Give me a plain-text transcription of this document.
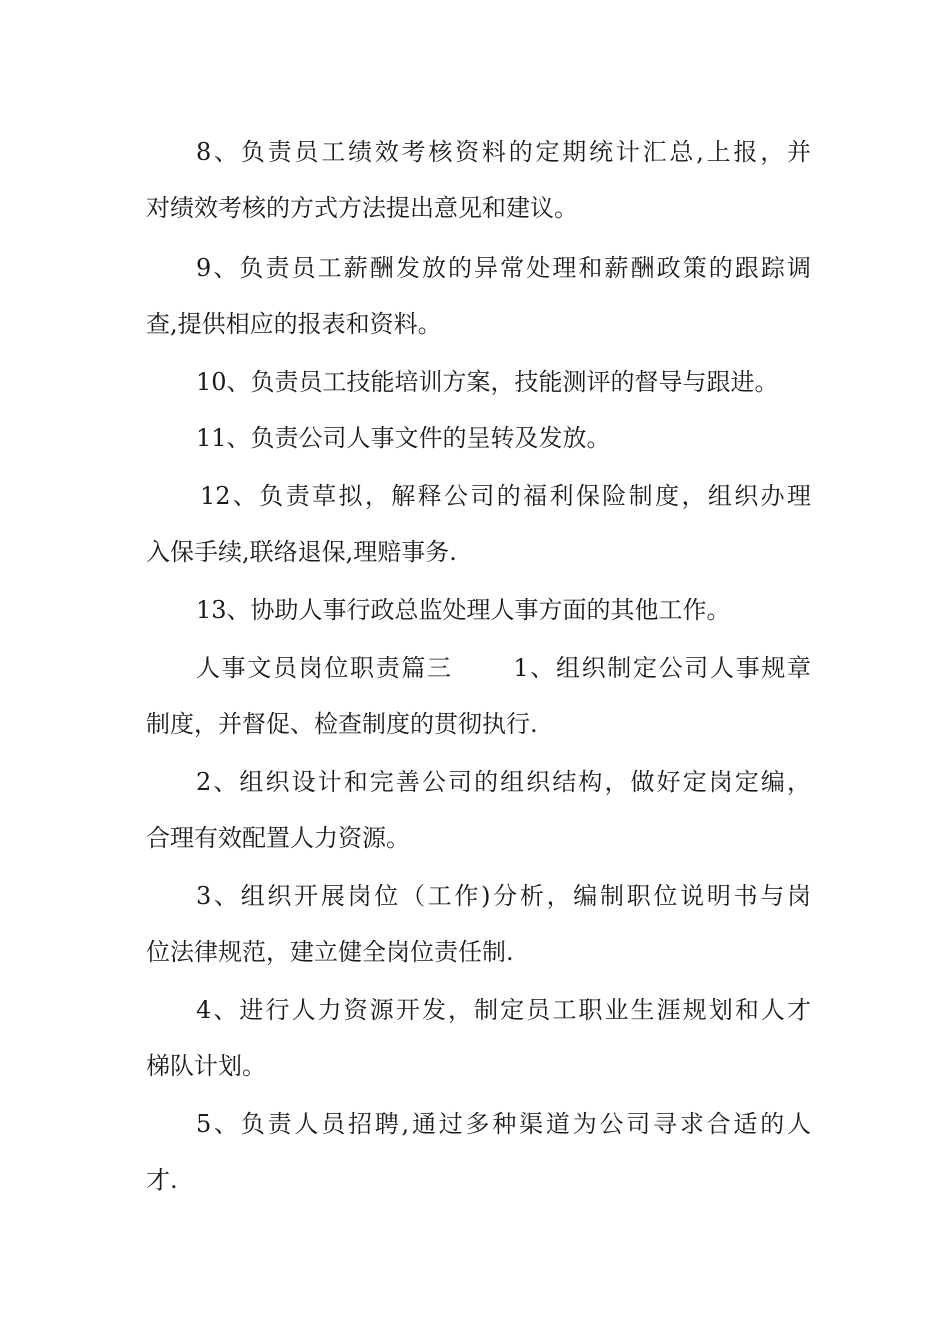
8、负责员工绩效考核资料的定期统计汇总,上报，并
对绩效考核的方式方法提出意见和建议。
9、负责员工薪酬发放的异常处理和薪酬政策的跟踪调
查,提供相应的报表和资料。
10、负责员工技能培训方案，技能测评的督导与跟进。
11、负责公司人事文件的呈转及发放。
12、负责草拟，解释公司的福利保险制度，组织办理
入保手续,联络退保,理赔事务.
13、协助人事行政总监处理人事方面的其他工作。
人事文员岗位职责篇三　　 1、组织制定公司人事规章
制度，并督促、检查制度的贯彻执行.
2、组织设计和完善公司的组织结构，做好定岗定编，
合理有效配置人力资源。
3、组织开展岗位（工作)分析，编制职位说明书与岗
位法律规范，建立健全岗位责任制.
4、进行人力资源开发，制定员工职业生涯规划和人才
梯队计划。
5、负责人员招聘,通过多种渠道为公司寻求合适的人
才.
